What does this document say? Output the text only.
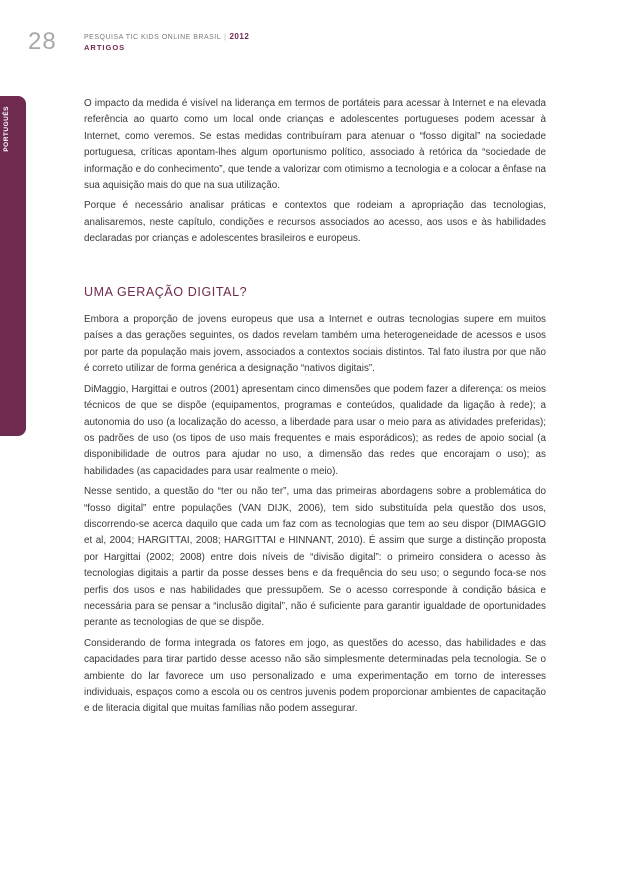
28	PESQUISA TIC KIDS ONLINE BRASIL | 2012
ARTIGOS
PORTUGUÊS

O impacto da medida é visível na liderança em termos de portáteis para acessar à Internet e na elevada referência ao quarto como um local onde crianças e adolescentes portugueses podem acessar à Internet, como veremos. Se estas medidas contribuíram para atenuar o “fosso digital” na sociedade portuguesa, críticas apontam-lhes algum oportunismo político, associado à retórica da “sociedade de informação e do conhecimento”, que tende a valorizar com otimismo a tecnologia e a colocar a ênfase na sua aquisição mais do que na sua utilização.

Porque é necessário analisar práticas e contextos que rodeiam a apropriação das tecnologias, analisaremos, neste capítulo, condições e recursos associados ao acesso, aos usos e às habilidades declaradas por crianças e adolescentes brasileiros e europeus.

UMA GERAÇÃO DIGITAL?

Embora a proporção de jovens europeus que usa a Internet e outras tecnologias supere em muitos países a das gerações seguintes, os dados revelam também uma heterogeneidade de acessos e usos por parte da população mais jovem, associados a contextos sociais distintos. Tal fato ilustra por que não é correto utilizar de forma genérica a designação “nativos digitais”.

DiMaggio, Hargittai e outros (2001) apresentam cinco dimensões que podem fazer a diferença: os meios técnicos de que se dispõe (equipamentos, programas e conteúdos, qualidade da ligação à rede); a autonomia do uso (a localização do acesso, a liberdade para usar o meio para as atividades preferidas); os padrões de uso (os tipos de uso mais frequentes e mais esporádicos); as redes de apoio social (a disponibilidade de outros para ajudar no uso, a dimensão das redes que encorajam o uso); as habilidades (as capacidades para usar realmente o meio).

Nesse sentido, a questão do “ter ou não ter”, uma das primeiras abordagens sobre a problemática do “fosso digital” entre populações (VAN DIJK, 2006), tem sido substituída pela questão dos usos, discorrendo-se acerca daquilo que cada um faz com as tecnologias que tem ao seu dispor (DIMAGGIO et al, 2004; HARGITTAI, 2008; HARGITTAI e HINNANT, 2010). É assim que surge a distinção proposta por Hargittai (2002; 2008) entre dois níveis de “divisão digital”: o primeiro considera o acesso às tecnologias digitais a partir da posse desses bens e da frequência do seu uso; o segundo foca-se nos perfis dos usos e nas habilidades que pressupõem. Se o acesso corresponde à condição básica e necessária para se pensar a “inclusão digital”, não é suficiente para garantir igualdade de oportunidades perante as tecnologias de que se dispõe.

Considerando de forma integrada os fatores em jogo, as questões do acesso, das habilidades e das capacidades para tirar partido desse acesso não são simplesmente determinadas pela tecnologia. Se o ambiente do lar favorece um uso personalizado e uma experimentação em torno de interesses individuais, espaços como a escola ou os centros juvenis podem proporcionar ambientes de capacitação e de literacia digital que muitas famílias não podem assegurar.
